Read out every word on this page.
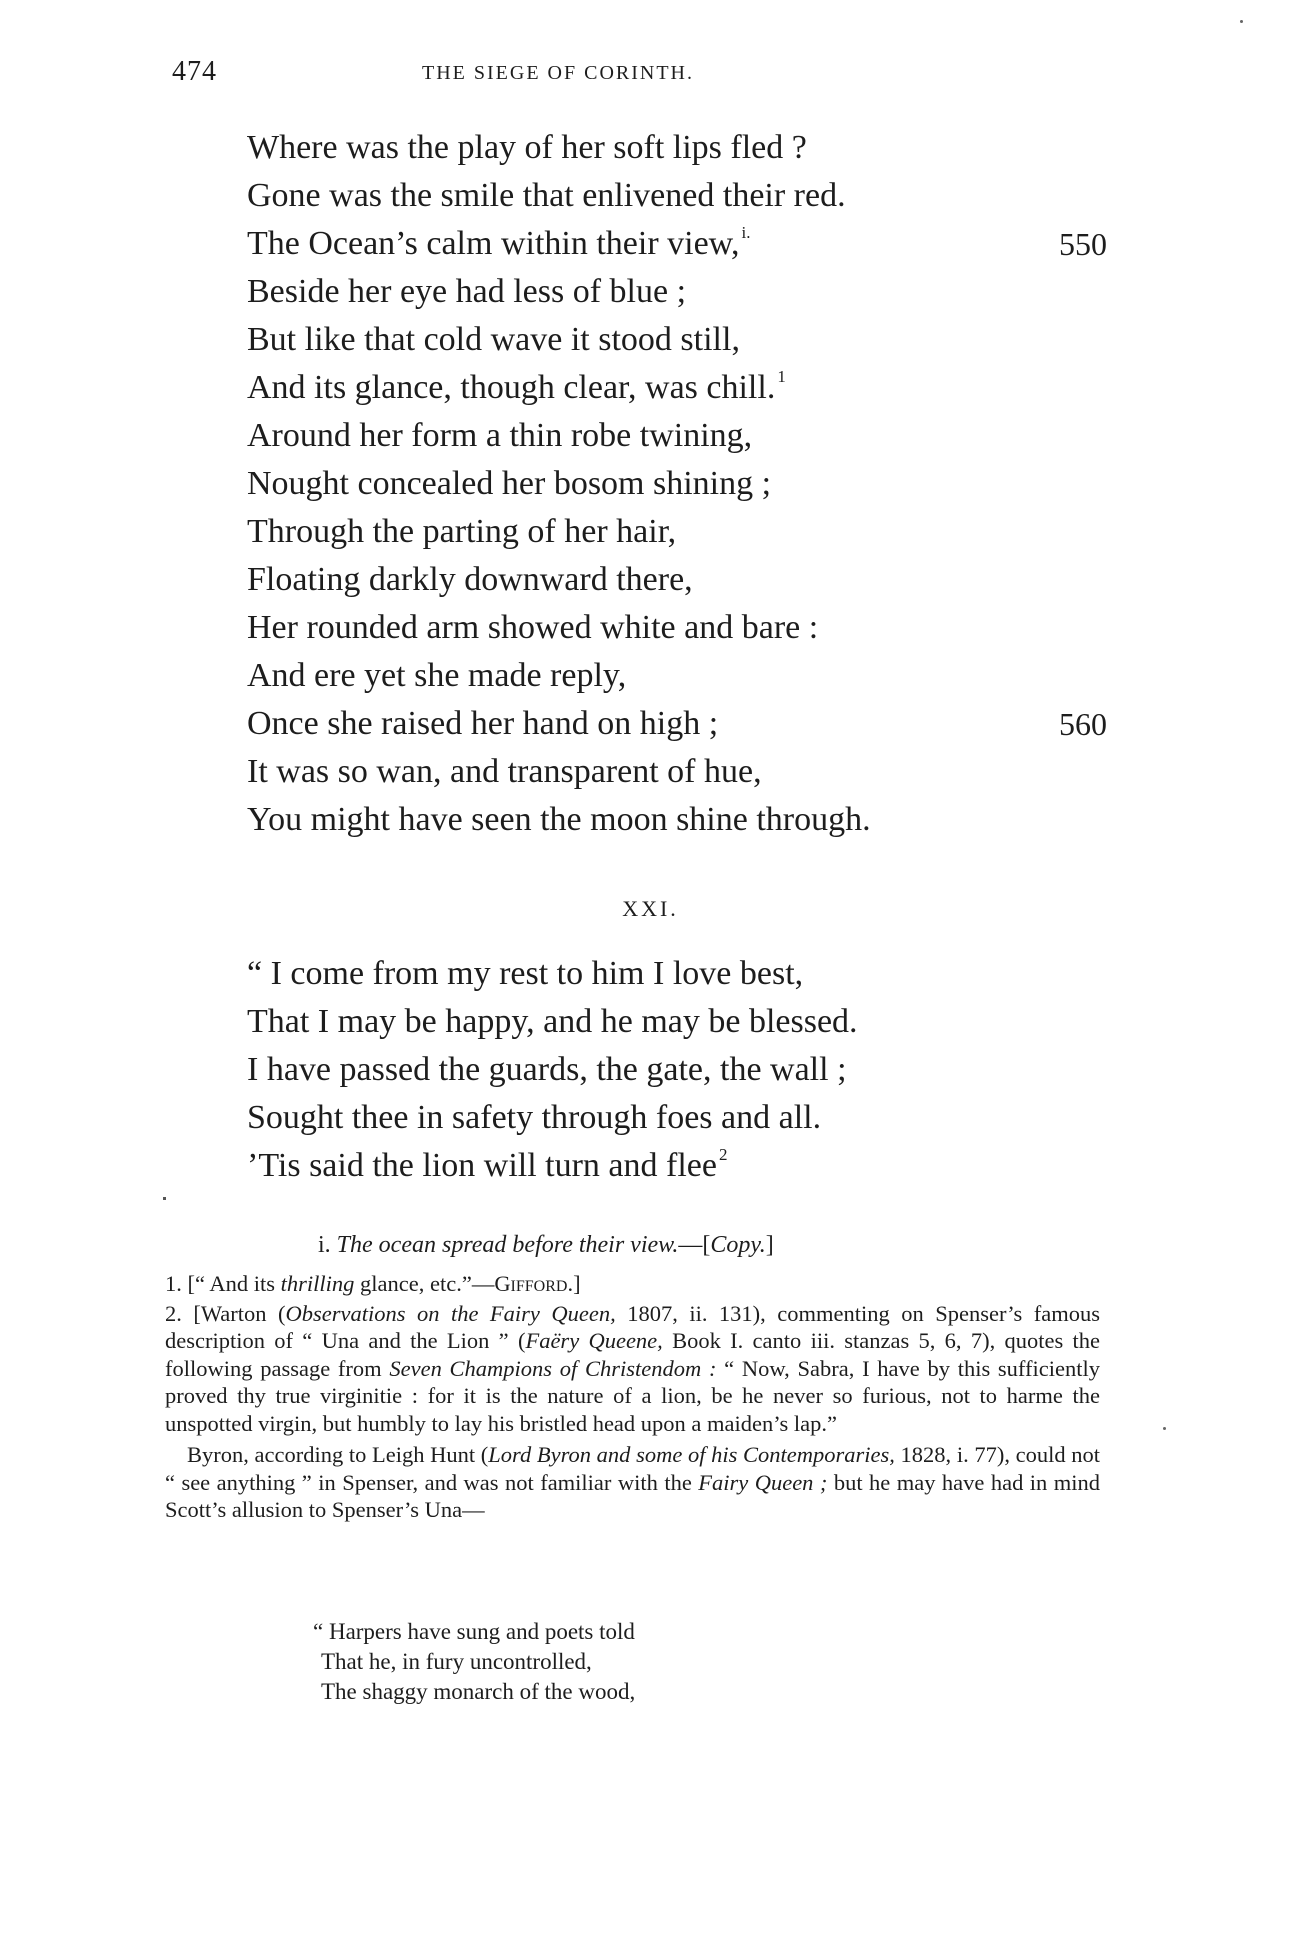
474	THE SIEGE OF CORINTH.
Where was the play of her soft lips fled ?
Gone was the smile that enlivened their red.
The Ocean’s calm within their view, $^{i.}$	550
Beside her eye had less of blue ;
But like that cold wave it stood still,
And its glance, though clear, was chill. $^1$
Around her form a thin robe twining,
Nought concealed her bosom shining ;
Through the parting of her hair,
Floating darkly downward there,
Her rounded arm showed white and bare :
And ere yet she made reply,
Once she raised her hand on high ;	560
It was so wan, and transparent of hue,
You might have seen the moon shine through.
XXI.
“ I come from my rest to him I love best,
That I may be happy, and he may be blessed.
I have passed the guards, the gate, the wall ;
Sought thee in safety through foes and all.
’Tis said the lion will turn and flee $^2$
i. The ocean spread before their view.—[Copy.]
1. [“ And its thrilling glance, etc.”—Gifford.]
2. [Warton (Observations on the Fairy Queen, 1807, ii. 131), commenting on Spenser’s famous description of “ Una and the Lion ” (Faëry Queene, Book I. canto iii. stanzas 5, 6, 7), quotes the following passage from Seven Champions of Christendom : “ Now, Sabra, I have by this sufficiently proved thy true virginitie : for it is the nature of a lion, be he never so furious, not to harme the unspotted virgin, but humbly to lay his bristled head upon a maiden’s lap.”
Byron, according to Leigh Hunt (Lord Byron and some of his Contemporaries, 1828, i. 77), could not “ see anything ” in Spenser, and was not familiar with the Fairy Queen ; but he may have had in mind Scott’s allusion to Spenser’s Una—
“ Harpers have sung and poets told
That he, in fury uncontrolled,
The shaggy monarch of the wood,
